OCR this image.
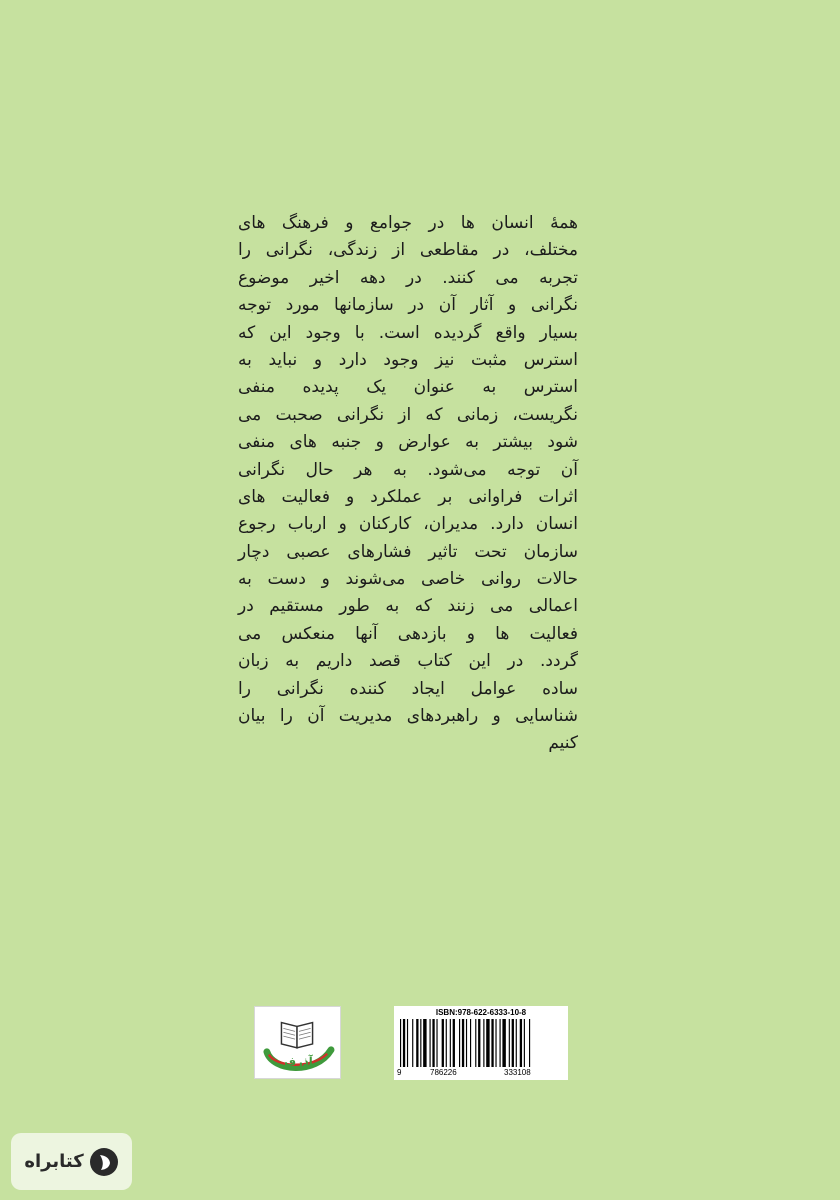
همۀ انسان ها در جوامع و فرهنگ های
مختلف، در مقاطعی از زندگی، نگرانی را
تجربه می کنند. در دهه اخیر موضوع
نگرانی و آثار آن در سازمانها مورد توجه
بسیار واقع گردیده است. با وجود این که
استرس مثبت نیز وجود دارد و نباید به
استرس به عنوان یک پدیده منفی
نگریست، زمانی که از نگرانی صحبت می
شود بیشتر به عوارض و جنبه های منفی
آن توجه می‌شود. به هر حال نگرانی
اثرات فراوانی بر عملکرد و فعالیت های
انسان دارد. مدیران، کارکنان و ارباب رجوع
سازمان تحت تاثیر فشارهای عصبی دچار
حالات روانی خاصی می‌شوند و دست به
اعمالی می زنند که به طور مستقیم در
فعالیت ها و بازدهی آنها منعکس می
گردد. در این کتاب قصد داریم به زبان
ساده عوامل ایجاد کننده نگرانی را
شناسایی و راهبردهای مدیریت آن را بیان
کنیم
آذرفر
ISBN:978-622-6333-10-8
9	786226	333108
کتابراه
